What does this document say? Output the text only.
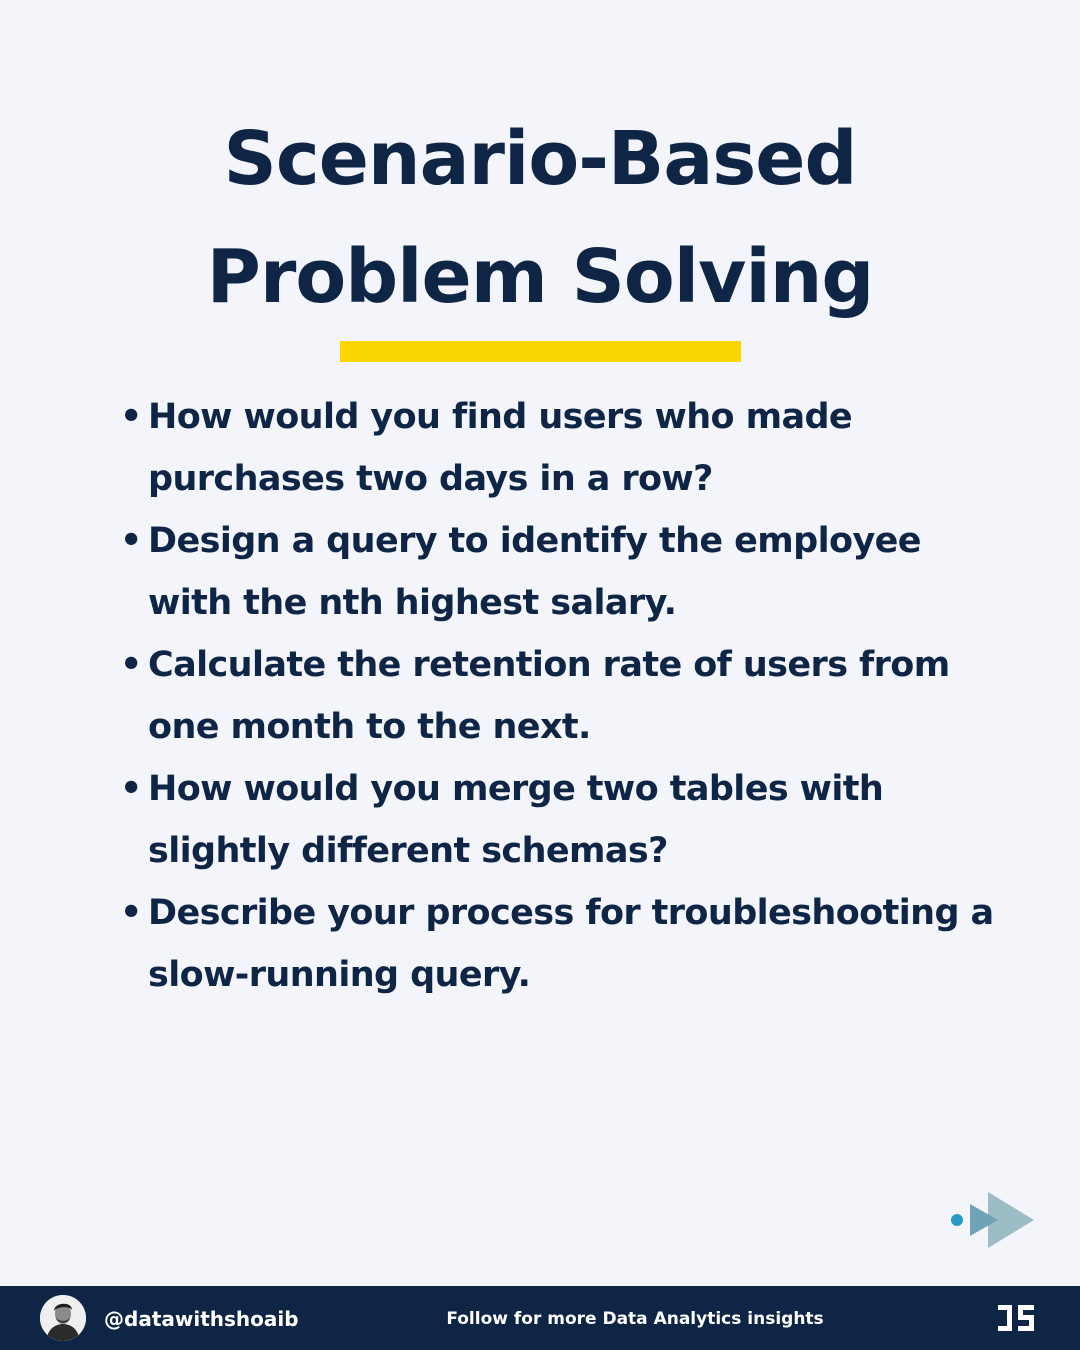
Scenario-Based
Problem Solving
• How would you find users who made purchases two days in a row?
• Design a query to identify the employee with the nth highest salary.
• Calculate the retention rate of users from one month to the next.
• How would you merge two tables with slightly different schemas?
• Describe your process for troubleshooting a slow-running query.
@datawithshoaib	Follow for more Data Analytics insights
